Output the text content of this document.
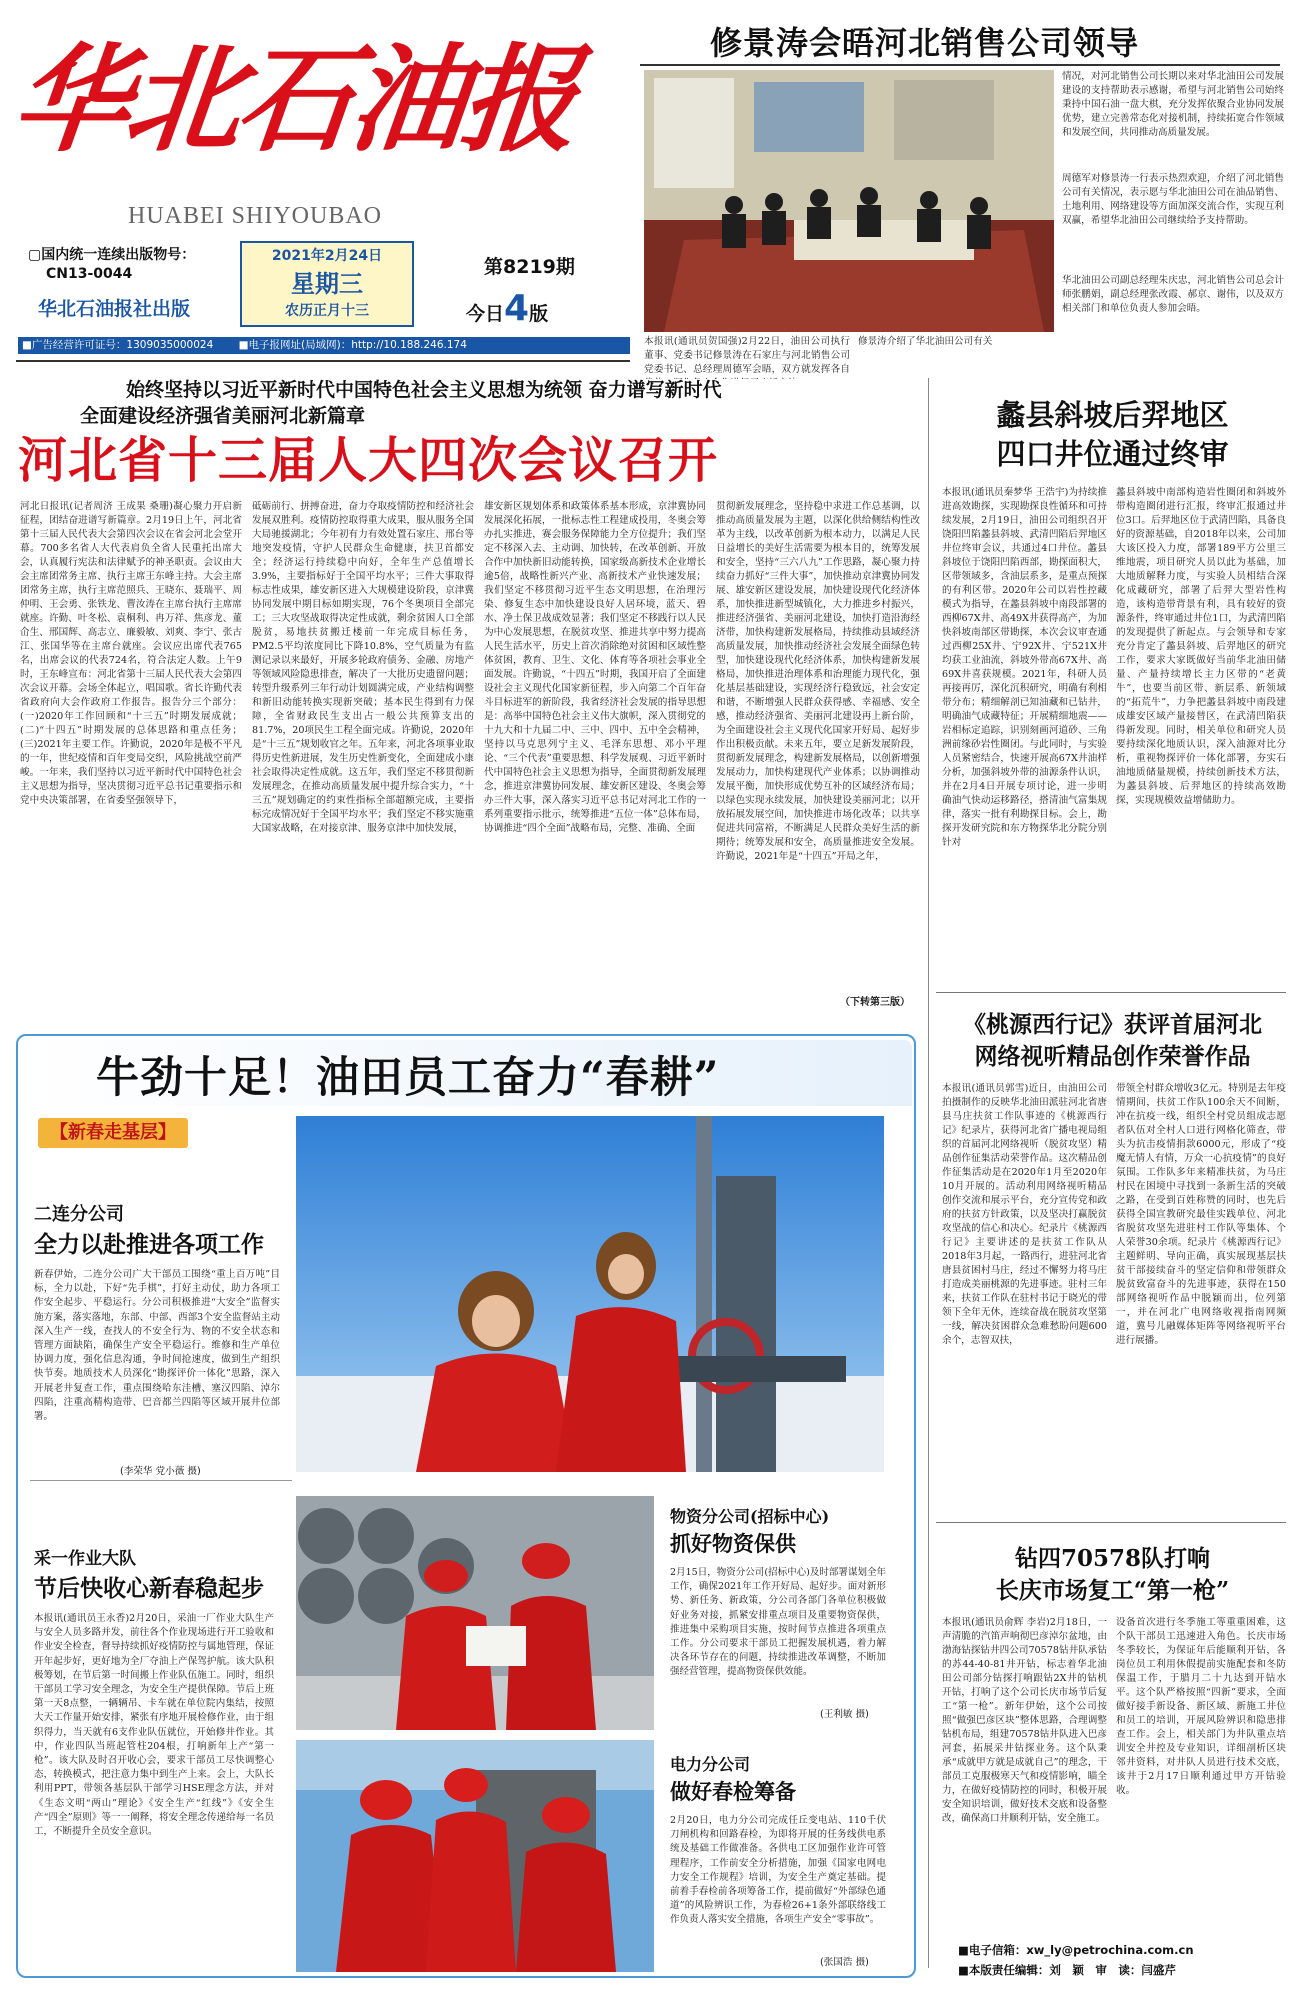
华北石油报
HUABEI SHIYOUBAO
▢国内统一连续出版物号：
CN13-0044
华北石油报社出版
2021年2月24日
星期三
农历正月十三
第8219期
今日4版
■广告经营许可证号：1309035000024 ■电子报网址(局域网)：http://10.188.246.174
修景涛会晤河北销售公司领导
本报讯(通讯员贺国强)2月22日，油田公司执行董事、党委书记修景涛在石家庄与河北销售公司党委书记、总经理周德军会晤，双方就发挥各自
修景涛介绍了华北油田公司有关
情况，对河北销售公司长期以来对华北油田公司发展建设的支持帮助表示感谢，希望与河北销售公司始终秉持中国石油一盘大棋，充分发挥依聚合业协同发展优势，建立完善常态化对接机制，持续拓宽合作领域和发展空间，共同推动高质量发展。
周德军对修景涛一行表示热烈欢迎，介绍了河北销售公司有关情况，表示愿与华北油田公司在油品销售、土地利用、网络建设等方面加深交流合作，实现互利双赢，希望华北油田公司继续给予支持帮助。
华北油田公司副总经理朱庆忠，河北销售公司总会计师张鹏娟，副总经理张改霞、郝京、谢伟，以及双方相关部门和单位负责人参加会晤。
始终坚持以习近平新时代中国特色社会主义思想为统领 奋力谱写新时代
全面建设经济强省美丽河北新篇章
河北省十三届人大四次会议召开
河北日报讯(记者周济 王成果 桑珊)凝心聚力开启新征程，团结奋进谱写新篇章。2月19日上午，河北省第十三届人民代表大会第四次会议在省会河北会堂开幕。700多名省人大代表肩负全省人民重托出席大会，认真履行宪法和法律赋予的神圣职责。会议由大会主席团常务主席、执行主席王东峰主持。大会主席团常务主席，执行主席范照兵、王晓东、聂瑞平、周仲明、王会勇、张铁龙、曹汝涛在主席台执行主席席就座。许勤、叶冬松、袁桐利、冉万祥、焦彦龙、董仚生、邢国辉、高志立、廉毅敏、刘爽、李宁、张古江、张国华等在主席台就座。会议应出席代表765名，出席会议的代表724名，符合法定人数。上午9时，王东峰宣布：河北省第十三届人民代表大会第四次会议开幕。会场全体起立，唱国歌。省长许勤代表省政府向大会作政府工作报告。报告分三个部分：(一)2020年工作回顾和“十三五”时期发展成就；(二)“十四五”时期发展的总体思路和重点任务；(三)2021年主要工作。许勤说，2020年是极不平凡的一年，世纪疫情和百年变局交织，风险挑战空前严峻。一年来，我们坚持以习近平新时代中国特色社会主义思想为指导，坚决贯彻习近平总书记重要指示和党中央决策部署，在省委坚强领导下，
砥砺前行、拼搏奋进，奋力夺取疫情防控和经济社会发展双胜利。疫情防控取得重大成果，服从服务全国大局驰援湖北；今年初有力有效处置石家庄、邢台等地突发疫情，守护人民群众生命健康，扶卫首都安全；经济运行持续稳中向好，全年生产总值增长3.9%，主要指标好于全国平均水平；三件大事取得标志性成果，雄安新区进入大规模建设阶段，京津冀协同发展中期目标如期实现，76个冬奥项目全部完工；三大攻坚战取得决定性成就，剩余贫困人口全部脱贫，易地扶贫搬迁楼前一年完成目标任务，PM2.5平均浓度同比下降10.8%，空气质量为有监测记录以来最好，开展多轮政府债务、金融、房地产等领域风险隐患排查，解决了一大批历史遗留问题；转型升级系列三年行动计划圆满完成，产业结构调整和新旧动能转换实现新突破；基本民生得到有力保障，全省财政民生支出占一般公共预算支出的81.7%，20项民生工程全面完成。许勤说，2020年是“十三五”规划收官之年。五年来，河北各项事业取得历史性新进展，发生历史性新变化，全面建成小康社会取得决定性成就。这五年，我们坚定不移贯彻新发展理念，在推动高质量发展中提升综合实力，“十三五”规划确定的约束性指标全部超额完成，主要指标完成情况好于全国平均水平；我们坚定不移实施重大国家战略，在对接京津、服务京津中加快发展，
雄安新区规划体系和政策体系基本形成，京津冀协同发展深化拓展，一批标志性工程建成投用，冬奥会筹办扎实推进，赛会服务保障能力全方位提升；我们坚定不移深入去、主动调、加快转，在改革创新、开放合作中加快新旧动能转换，国家级高新技术企业增长逾5倍，战略性新兴产业、高新技术产业快速发展；我们坚定不移贯彻习近平生态文明思想，在治理污染、修复生态中加快建设良好人居环境，蓝天、碧水、净土保卫战成效显著；我们坚定不移践行以人民为中心发展思想，在脱贫攻坚、推进共享中努力提高人民生活水平，历史上首次消除绝对贫困和区域性整体贫困，教育、卫生、文化、体育等各项社会事业全面发展。许勤说，“十四五”时期，我国开启了全面建设社会主义现代化国家新征程，步入向第二个百年奋斗目标进军的新阶段，我省经济社会发展的指导思想是：高举中国特色社会主义伟大旗帜，深入贯彻党的十九大和十九届二中、三中、四中、五中全会精神，坚持以马克思列宁主义、毛泽东思想、邓小平理论、“三个代表”重要思想、科学发展观、习近平新时代中国特色社会主义思想为指导，全面贯彻新发展理念，推进京津冀协同发展、雄安新区建设、冬奥会筹办三件大事，深入落实习近平总书记对河北工作的一系列重要指示批示，统筹推进“五位一体”总体布局，协调推进“四个全面”战略布局，完整、准确、全面
贯彻新发展理念，坚持稳中求进工作总基调，以推动高质量发展为主题，以深化供给侧结构性改革为主线，以改革创新为根本动力，以满足人民日益增长的美好生活需要为根本目的，统筹发展和安全，坚持“三六八九”工作思路，凝心聚力持续奋力抓好“三件大事”，加快推动京津冀协同发展、雄安新区建设发展，加快建设现代化经济体系，加快推进新型城镇化，大力推进乡村振兴，推进经济强省、美丽河北建设，加快打造沿海经济带，加快构建新发展格局，持续推动县域经济高质量发展，加快推动经济社会发展全面绿色转型，加快建设现代化经济体系，加快构建新发展格局，加快推进治理体系和治理能力现代化，强化基层基础建设，实现经济行稳致远，社会安定和谐，不断增强人民群众获得感、幸福感、安全感，推动经济强省、美丽河北建设再上新台阶，为全面建设社会主义现代化国家开好局、起好步作出积极贡献。未来五年，要立足新发展阶段，贯彻新发展理念，构建新发展格局，以创新增强发展动力，加快构建现代产业体系；以协调推动发展平衡，加快形成优势互补的区域经济布局；以绿色实现永续发展，加快建设美丽河北；以开放拓展发展空间，加快推进市场化改革；以共享促进共同富裕，不断满足人民群众美好生活的新期待；统筹发展和安全，高质量推进安全发展。许勤说，2021年是“十四五”开局之年，
（下转第三版）
蠡县斜坡后羿地区
四口井位通过终审
本报讯(通讯员秦梦华 王浩宇)为持续推进高效勘探，实现勘探良性循环和可持续发展，2月19日，油田公司组织召开饶阳凹陷蠡县斜坡、武清凹陷后羿地区井位终审会议，共通过4口井位。蠡县斜坡位于饶阳凹陷西部，勘探面积大，区带领域多，含油层系多，是重点预探的有利区带。2020年公司以岩性控藏模式为指导，在蠡县斜坡中南段部署的西柳67X井、高49X井获得高产，为加快斜坡南部区带勘探，本次会议审查通过西柳25X井、宁92X井、宁521X井均获工业油流，斜坡外带高67X井、高69X井喜获规模。2021年，科研人员再接再厉，深化沉积研究，明确有利相带分布；精细解剖已知油藏和已钻井，明确油气成藏特征；开展精细地震——岩相标定追踪，识别刻画河道砂、三角洲前缘砂岩性圈闭。与此同时，与实验人员紧密结合，快速开展高67X井油样分析，加强斜坡外带的油源条件认识，并在2月4日开展专项讨论，进一步明确油气快动运移路径，搭清油气富集规律，落实一批有利勘探目标。会上，勘探开发研究院和东方物探华北分院分别针对
蠡县斜坡中南部构造岩性圈闭和斜坡外带构造圈闭进行汇报，终审汇报通过井位3口。后羿地区位于武清凹陷，具备良好的资源基础，自2018年以来，公司加大该区投入力度，部署189平方公里三维地震，项目研究人员以此为基础，加大地质解释力度，与实验人员相结合深化成藏研究，部署了后羿大型岩性构造，该构造带背景有利，具有较好的资源条件，终审通过井位1口，为武清凹陷的发现提供了新起点。与会领导和专家充分肯定了蠡县斜坡、后羿地区的研究工作，要求大家既做好当前华北油田储量、产量持续增长主力区带的“老黄牛”，也要当前区带、新层系、新领域的“拓荒牛”，力争把蠡县斜坡中南段建成雄安区域产量接替区，在武清凹陷获得新发现。同时，相关单位和研究人员要持续深化地质认识，深入油源对比分析，重视物探评价一体化部署，夯实石油地质储量规模，持续创新技术方法，为蠡县斜坡、后羿地区的持续高效勘探，实现规模效益增储助力。
《桃源西行记》获评首届河北
网络视听精品创作荣誉作品
本报讯(通讯员郭雪)近日，由油田公司拍摄制作的反映华北油田派驻河北省唐县马庄扶贫工作队事迹的《桃源西行记》纪录片，获得河北省广播电视局组织的首届河北网络视听（脱贫攻坚）精品创作征集活动荣誉作品。这次精品创作征集活动是在2020年1月至2020年10月开展的。活动利用网络视听精品创作交流和展示平台，充分宣传党和政府的扶贫方针政策，以及坚决打赢脱贫攻坚战的信心和决心。纪录片《桃源西行记》主要讲述的是扶贫工作队从2018年3月起，一路西行，进驻河北省唐县贫困村马庄，经过不懈努力将马庄打造成美丽桃源的先进事迹。驻村三年来，扶贫工作队在驻村书记于晓光的带领下全年无休，连续奋战在脱贫攻坚第一线，解决贫困群众急难愁盼问题600余个，志智双扶，
带领全村群众增收3亿元。特别是去年疫情期间，扶贫工作队100余天不间断，冲在抗疫一线，组织全村党员组成志愿者队伍对全村人口进行网格化筛查，带头为抗击疫情捐款6000元，形成了“疫魔无情人有情，万众一心抗疫情”的良好氛围。工作队多年来精准扶贫，为马庄村民在困境中寻找到一条新生活的突破之路，在受到百姓称赞的同时，也先后获得全国宣教研究最佳实践单位、河北省脱贫攻坚先进驻村工作队等集体、个人荣誉30余项。纪录片《桃源西行记》主题鲜明、导向正确，真实展现基层扶贫干部接续奋斗的坚定信仰和带领群众脱贫致富奋斗的先进事迹，获得在150部网络视听作品中脱颖而出，位列第一，并在河北广电网络收视指南网频道，冀号儿融媒体矩阵等网络视听平台进行展播。
钻四70578队打响
长庆市场复工“第一枪”
本报讯(通讯员俞辉 李岩)2月18日，一声清脆的汽笛声响彻巴彦淖尔盆地，由渤海钻探钻井四公司70578钻井队承钻的苏44-40-81井开钻，标志着华北油田公司部分钻探打响跟钻2X井的钻机开钻，打响了这个公司长庆市场节后复工“第一枪”。新年伊始，这个公司按照“做强巴彦区块”整体思路，合理调整钻机布局，组建70578钻井队进入巴彦河套，拓展采井钻探业务。这个队秉承“成就甲方就是成就自己”的理念，干部员工克服极寒天气和疫情影响，瞄全力，在做好疫情防控的同时，积极开展安全知识培训，做好技术交底和设备整改，确保高口井顺利开钻，安全施工。
设备首次进行冬季施工等重重困难，这个队干部员工迅速进入角色。长庆市场冬季较长，为保证年后能顺利开钻，各岗位员工利用休假提前实施配套和冬防保温工作，于腊月二十九达到开钻水平。这个队严格按照“四新”要求，全面做好接手新设备、新区域、新施工井位和员工的培训，开展风险辨识和隐患排查工作。会上，相关部门为井队重点培训安全井控及专业知识，详细剖析区块邻井资料，对井队人员进行技术交底，该井于2月17日顺利通过甲方开钻验收。
■电子信箱：xw_ly@petrochina.com.cn
■本版责任编辑：刘　颖　审　读：闫盛芹
牛劲十足！油田员工奋力“春耕”
【新春走基层】
二连分公司
全力以赴推进各项工作
新春伊始，二连分公司广大干部员工围绕“重上百万吨”目标，全力以赴，下好“先手棋”，打好主动仗，助力各项工作安全起步、平稳运行。分公司积极推进“大安全”监督实施方案，落实落地，东部、中部、西部3个安全监督站主动深入生产一线，查找人的不安全行为、物的不安全状态和管理方面缺陷，确保生产安全平稳运行。维修和生产单位协调力度，强化信息沟通，争时间抢速度，做到生产组织快节奏。地质技术人员深化“勘探评价一体化”思路，深入开展老井复查工作，重点围绕哈东洼槽、塞汉四陷、淖尔四陷，注重高精构造带、巴音都兰四陷等区域开展井位部署。
(李荣华 党小薇 摄)
采一作业大队
节后快收心新春稳起步
本报讯(通讯员王永香)2月20日，采油一厂作业大队生产与安全人员多路并发，前往各个作业现场进行开工验收和作业安全检查，督导持续抓好疫情防控与属地管理，保证开年起步好，更好地为全厂夺油上产保驾护航。该大队积极筹划，在节后第一时间搬上作业队伍施工。同时，组织干部员工学习安全理念，为安全生产提供保障。节后上班第一天8点整，一辆辆吊、卡车就在单位院内集结，按照大天工作量开始安排，紧张有序地开展检修作业，由于组织得力，当天就有6支作业队伍就位，开始修井作业。其中，作业四队当班起管柱204根，打响新年上产“第一枪”。该大队及时召开收心会，要求干部员工尽快调整心态，转换模式，把注意力集中到生产上来。会上，大队长利用PPT，带领各基层队干部学习HSE理念方法，并对《生态文明“两山”理论》《安全生产“红线”》《安全生产“四全”原则》等一一阐释，将安全理念传递给每一名员工，不断提升全员安全意识。
物资分公司(招标中心)
抓好物资保供
2月15日，物资分公司(招标中心)及时部署谋划全年工作，确保2021年工作开好局、起好步。面对新形势、新任务、新政策，分公司各部门各单位积极做好业务对接，抓紧安排重点项目及重要物资保供，推进集中采购项目实施，按时间节点推进各项重点工作。分公司要求干部员工把握发展机遇，着力解决各环节存在的问题，持续推进改革调整，不断加强经营管理，提高物资保供效能。
(王利敏 摄)
电力分公司
做好春检筹备
2月20日，电力分公司完成任丘变电站、110千伏刀闸机构和回路春检，为即将开展的任务线供电系统及基础工作做准备。各供电工区加强作业许可管理程序，工作前安全分析措施，加强《国家电网电力安全工作规程》培训，为安全生产奠定基础。提前着手春检前各项筹备工作，提前做好“外部绿色通道”的风险辨识工作，为春检26+1条外部联络线工作负责人落实安全措施，各项生产安全“零事故”。
(张国浩 摄)
